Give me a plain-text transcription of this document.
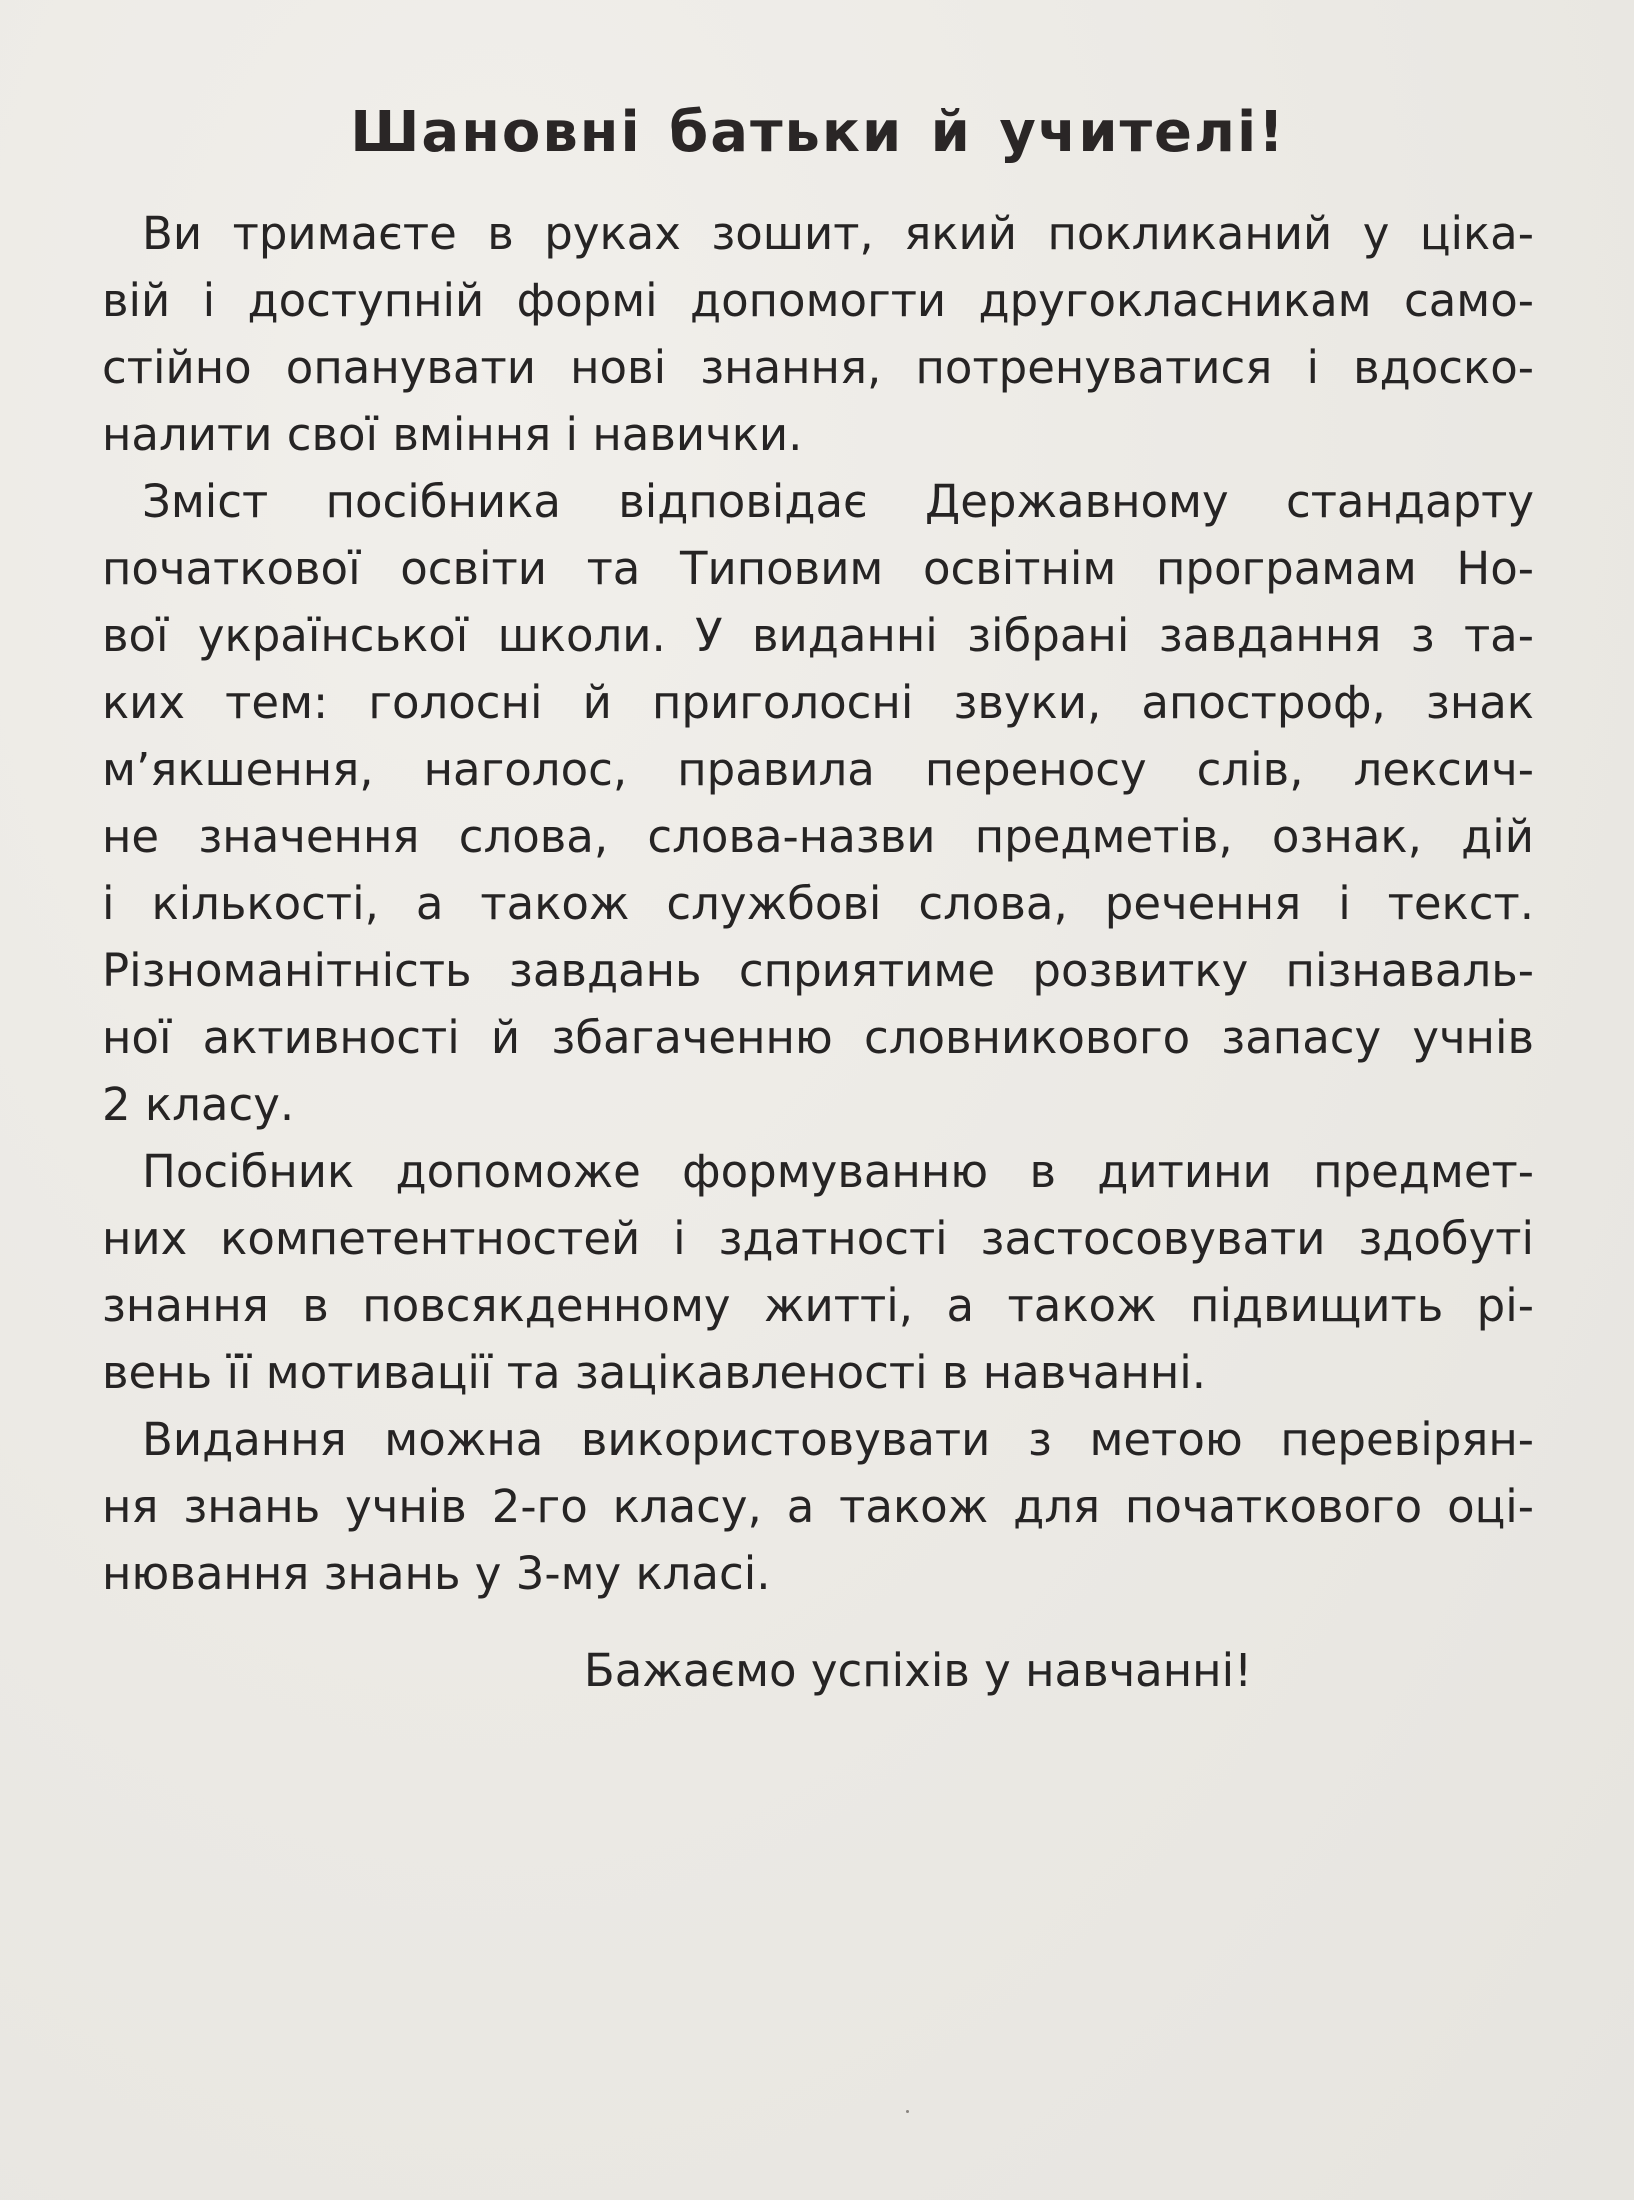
Шановні батьки й учителі!
Ви тримаєте в руках зошит, який покликаний у ціка-
вій і доступній формі допомогти другокласникам само-
стійно опанувати нові знання, потренуватися і вдоско-
налити свої вміння і навички.
Зміст посібника відповідає Державному стандарту
початкової освіти та Типовим освітнім програмам Но-
вої української школи. У виданні зібрані завдання з та-
ких тем: голосні й приголосні звуки, апостроф, знак
м’якшення, наголос, правила переносу слів, лексич-
не значення слова, слова-назви предметів, ознак, дій
і кількості, а також службові слова, речення і текст.
Різноманітність завдань сприятиме розвитку пізнаваль-
ної активності й збагаченню словникового запасу учнів
2 класу.
Посібник допоможе формуванню в дитини предмет-
них компетентностей і здатності застосовувати здобуті
знання в повсякденному житті, а також підвищить рі-
вень її мотивації та зацікавленості в навчанні.
Видання можна використовувати з метою перевірян-
ня знань учнів 2-го класу, а також для початкового оці-
нювання знань у 3-му класі.
Бажаємо успіхів у навчанні!
